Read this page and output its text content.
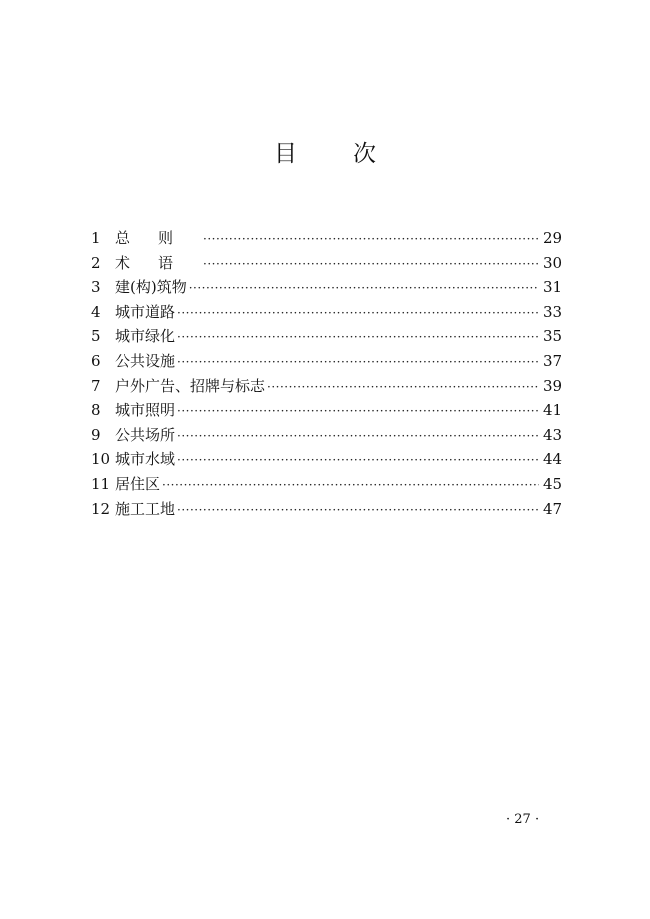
目 次
1 总则 ·····	29
2 术语 ·····	30
3 建(构)筑物 ·····	31
4 城市道路 ·····	33
5 城市绿化 ·····	35
6 公共设施 ·····	37
7 户外广告、招牌与标志 ·····	39
8 城市照明 ·····	41
9 公共场所 ·····	43
10 城市水域 ·····	44
11 居住区 ·····	45
12 施工工地 ·····	47
· 27 ·
